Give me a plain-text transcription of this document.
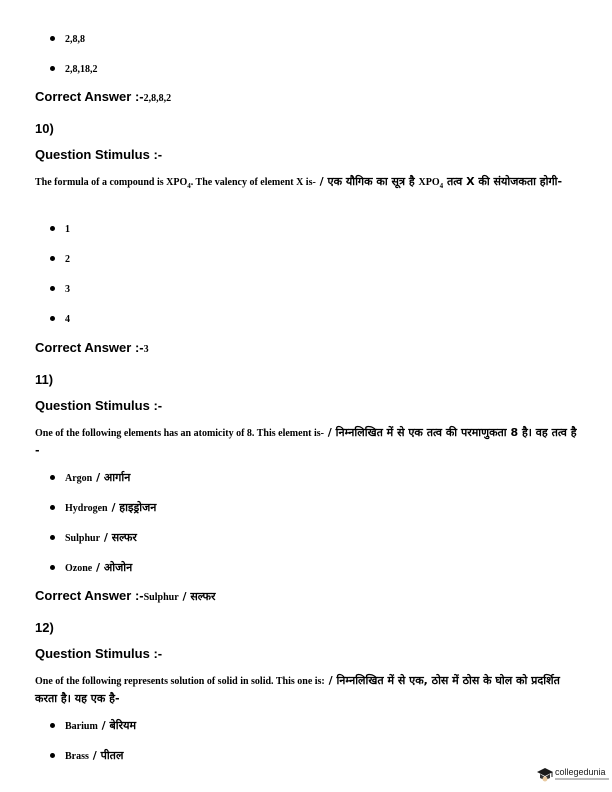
2,8,8
2,8,18,2
Correct Answer :-2,8,8,2
10)
Question Stimulus :-
The formula of a compound is $XPO_4$. The valency of element X is- / एक यौगिक का सूत्र है $XPO_4$ तत्व X की संयोजकता होगी-
1
2
3
4
Correct Answer :-3
11)
Question Stimulus :-
One of the following elements has an atomicity of 8. This element is- / निम्नलिखित में से एक तत्व की परमाणुकता 8 है। वह तत्व है -
Argon / आर्गान
Hydrogen / हाइड्रोजन
Sulphur / सल्फर
Ozone / ओजोन
Correct Answer :-Sulphur / सल्फर
12)
Question Stimulus :-
One of the following represents solution of solid in solid. This one is: / निम्नलिखित में से एक, ठोस में ठोस के घोल को प्रदर्शित करता है। यह एक है-
Barium / बेरियम
Brass / पीतल
collegedunia
